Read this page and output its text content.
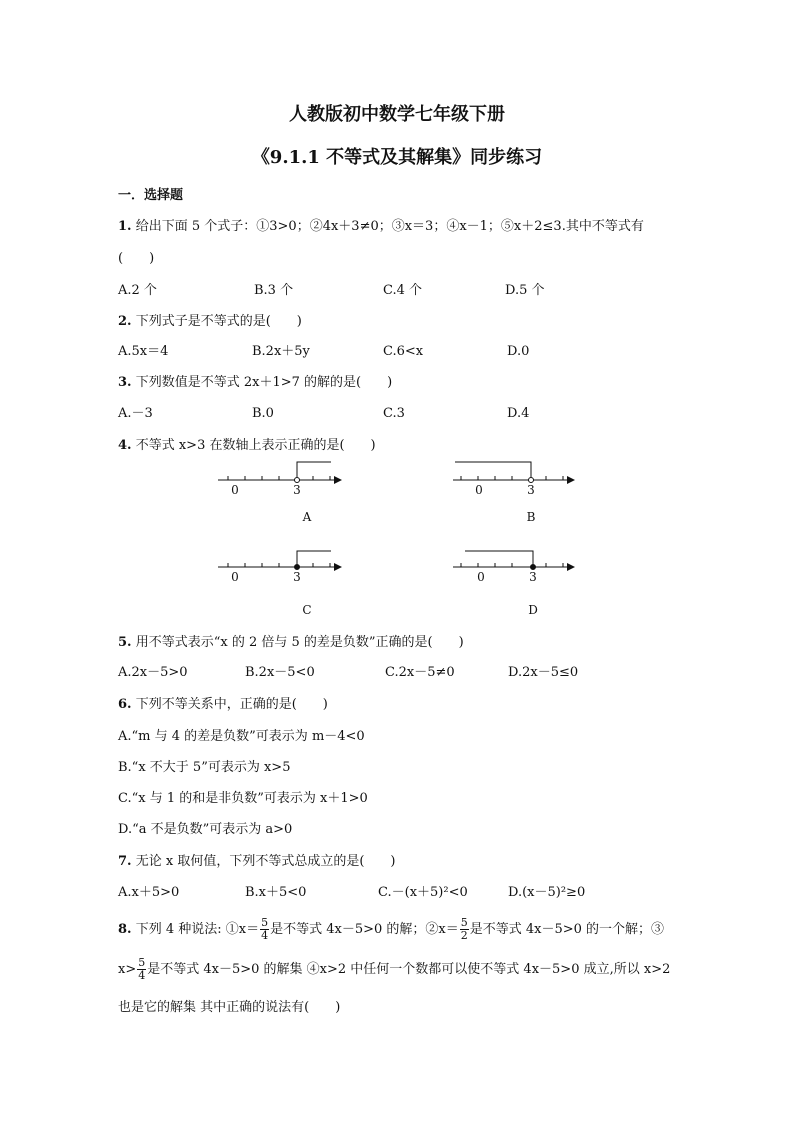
人教版初中数学七年级下册
《9.1.1 不等式及其解集》同步练习
一．选择题
1. 给出下面 5 个式子：①3>0；②4x＋3≠0；③x＝3；④x－1；⑤x＋2≤3.其中不等式有
(　　)
A.2 个	B.3 个	C.4 个	D.5 个
2. 下列式子是不等式的是(　　)
A.5x＝4	B.2x＋5y	C.6<x	D.0
3. 下列数值是不等式 2x＋1>7 的解的是(　　)
A.－3	B.0	C.3	D.4
4. 不等式 x>3 在数轴上表示正确的是(　　)
0	3
A
0	3
B
0	3
C
0	3
D
5. 用不等式表示“x 的 2 倍与 5 的差是负数”正确的是(　　)
A.2x－5>0	B.2x－5<0	C.2x－5≠0	D.2x－5≤0
6. 下列不等关系中，正确的是(　　)
A.“m 与 4 的差是负数”可表示为 m－4<0
B.“x 不大于 5”可表示为 x>5
C.“x 与 1 的和是非负数”可表示为 x＋1>0
D.“a 不是负数”可表示为 a>0
7. 无论 x 取何值，下列不等式总成立的是(　　)
A.x＋5>0	B.x＋5<0	C.－(x＋5)²<0	D.(x－5)²≥0
8. 下列 4 种说法: ①x＝ $\frac{5}{4}$ 是不等式 4x－5>0 的解；②x＝ $\frac{5}{2}$ 是不等式 4x－5>0 的一个解；③
$x> \frac{5}{4}$ 是不等式 4x－5>0 的解集 ④x>2 中任何一个数都可以使不等式 4x－5>0 成立,所以 x>2
也是它的解集 其中正确的说法有(　　)
